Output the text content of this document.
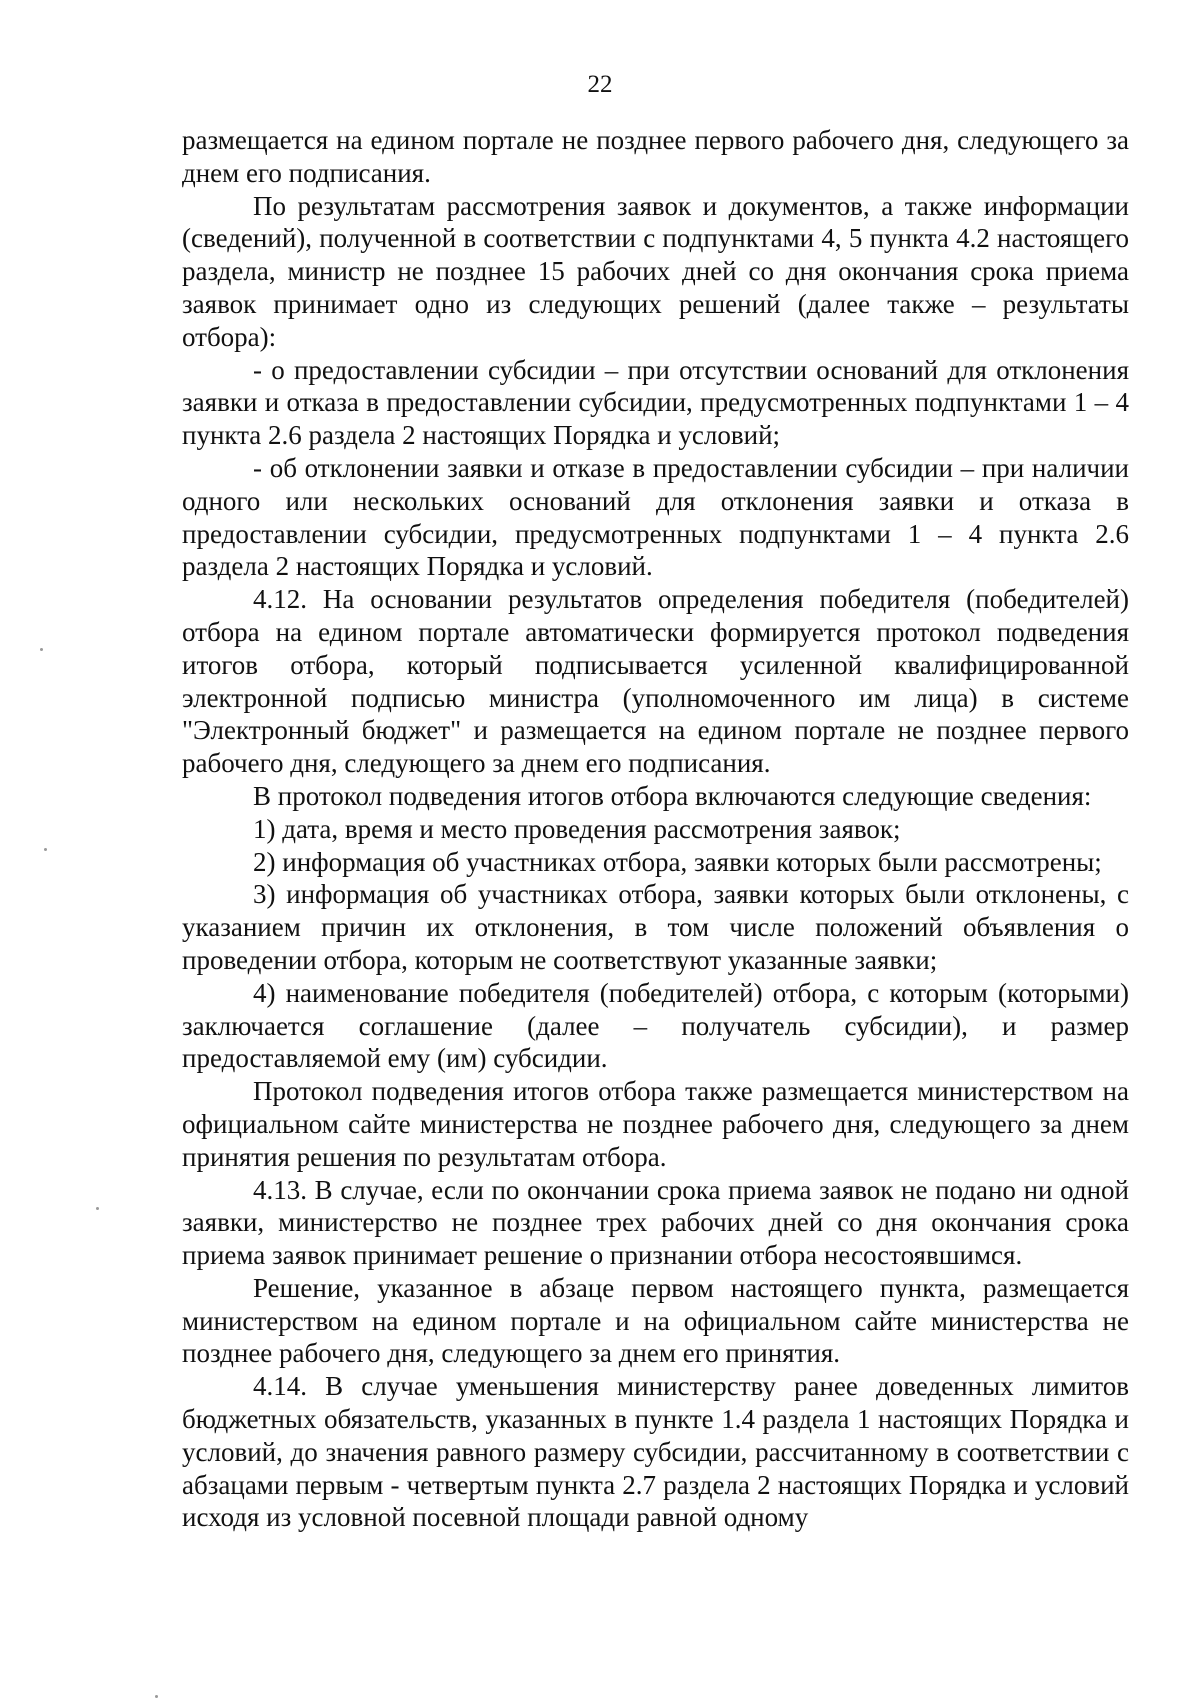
22

размещается на едином портале не позднее первого рабочего дня, следующего за днем его подписания.

По результатам рассмотрения заявок и документов, а также информации (сведений), полученной в соответствии с подпунктами 4, 5 пункта 4.2 настоящего раздела, министр не позднее 15 рабочих дней со дня окончания срока приема заявок принимает одно из следующих решений (далее также – результаты отбора):

- о предоставлении субсидии – при отсутствии оснований для отклонения заявки и отказа в предоставлении субсидии, предусмотренных подпунктами 1 – 4 пункта 2.6 раздела 2 настоящих Порядка и условий;

- об отклонении заявки и отказе в предоставлении субсидии – при наличии одного или нескольких оснований для отклонения заявки и отказа в предоставлении субсидии, предусмотренных подпунктами 1 – 4 пункта 2.6 раздела 2 настоящих Порядка и условий.

4.12. На основании результатов определения победителя (победителей) отбора на едином портале автоматически формируется протокол подведения итогов отбора, который подписывается усиленной квалифицированной электронной подписью министра (уполномоченного им лица) в системе "Электронный бюджет" и размещается на едином портале не позднее первого рабочего дня, следующего за днем его подписания.

В протокол подведения итогов отбора включаются следующие сведения:

1) дата, время и место проведения рассмотрения заявок;

2) информация об участниках отбора, заявки которых были рассмотрены;

3) информация об участниках отбора, заявки которых были отклонены, с указанием причин их отклонения, в том числе положений объявления о проведении отбора, которым не соответствуют указанные заявки;

4) наименование победителя (победителей) отбора, с которым (которыми) заключается соглашение (далее – получатель субсидии), и размер предоставляемой ему (им) субсидии.

Протокол подведения итогов отбора также размещается министерством на официальном сайте министерства не позднее рабочего дня, следующего за днем принятия решения по результатам отбора.

4.13. В случае, если по окончании срока приема заявок не подано ни одной заявки, министерство не позднее трех рабочих дней со дня окончания срока приема заявок принимает решение о признании отбора несостоявшимся.

Решение, указанное в абзаце первом настоящего пункта, размещается министерством на едином портале и на официальном сайте министерства не позднее рабочего дня, следующего за днем его принятия.

4.14. В случае уменьшения министерству ранее доведенных лимитов бюджетных обязательств, указанных в пункте 1.4 раздела 1 настоящих Порядка и условий, до значения равного размеру субсидии, рассчитанному в соответствии с абзацами первым - четвертым пункта 2.7 раздела 2 настоящих Порядка и условий исходя из условной посевной площади равной одному
